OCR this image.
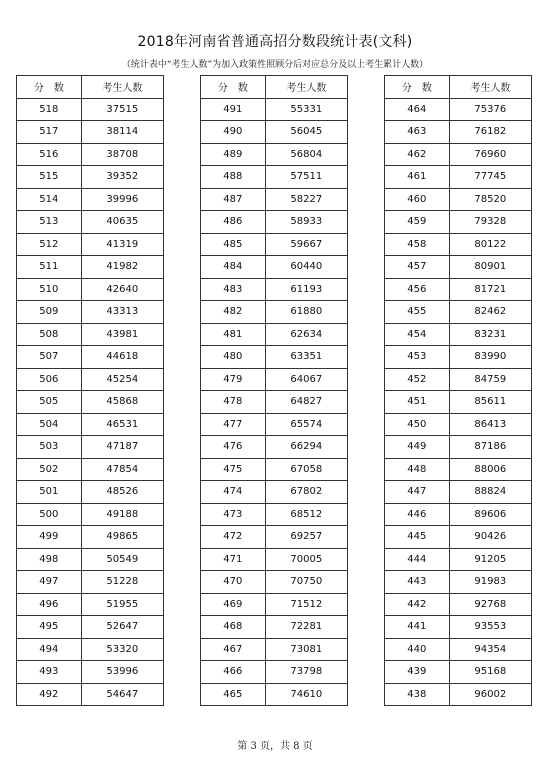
2018年河南省普通高招分数段统计表(文科)
（统计表中“考生人数”为加入政策性照顾分后对应总分及以上考生累计人数）
分　数	考生人数
518	37515
517	38114
516	38708
515	39352
514	39996
513	40635
512	41319
511	41982
510	42640
509	43313
508	43981
507	44618
506	45254
505	45868
504	46531
503	47187
502	47854
501	48526
500	49188
499	49865
498	50549
497	51228
496	51955
495	52647
494	53320
493	53996
492	54647
分　数	考生人数
491	55331
490	56045
489	56804
488	57511
487	58227
486	58933
485	59667
484	60440
483	61193
482	61880
481	62634
480	63351
479	64067
478	64827
477	65574
476	66294
475	67058
474	67802
473	68512
472	69257
471	70005
470	70750
469	71512
468	72281
467	73081
466	73798
465	74610
分　数	考生人数
464	75376
463	76182
462	76960
461	77745
460	78520
459	79328
458	80122
457	80901
456	81721
455	82462
454	83231
453	83990
452	84759
451	85611
450	86413
449	87186
448	88006
447	88824
446	89606
445	90426
444	91205
443	91983
442	92768
441	93553
440	94354
439	95168
438	96002
第 3 页，共 8 页
